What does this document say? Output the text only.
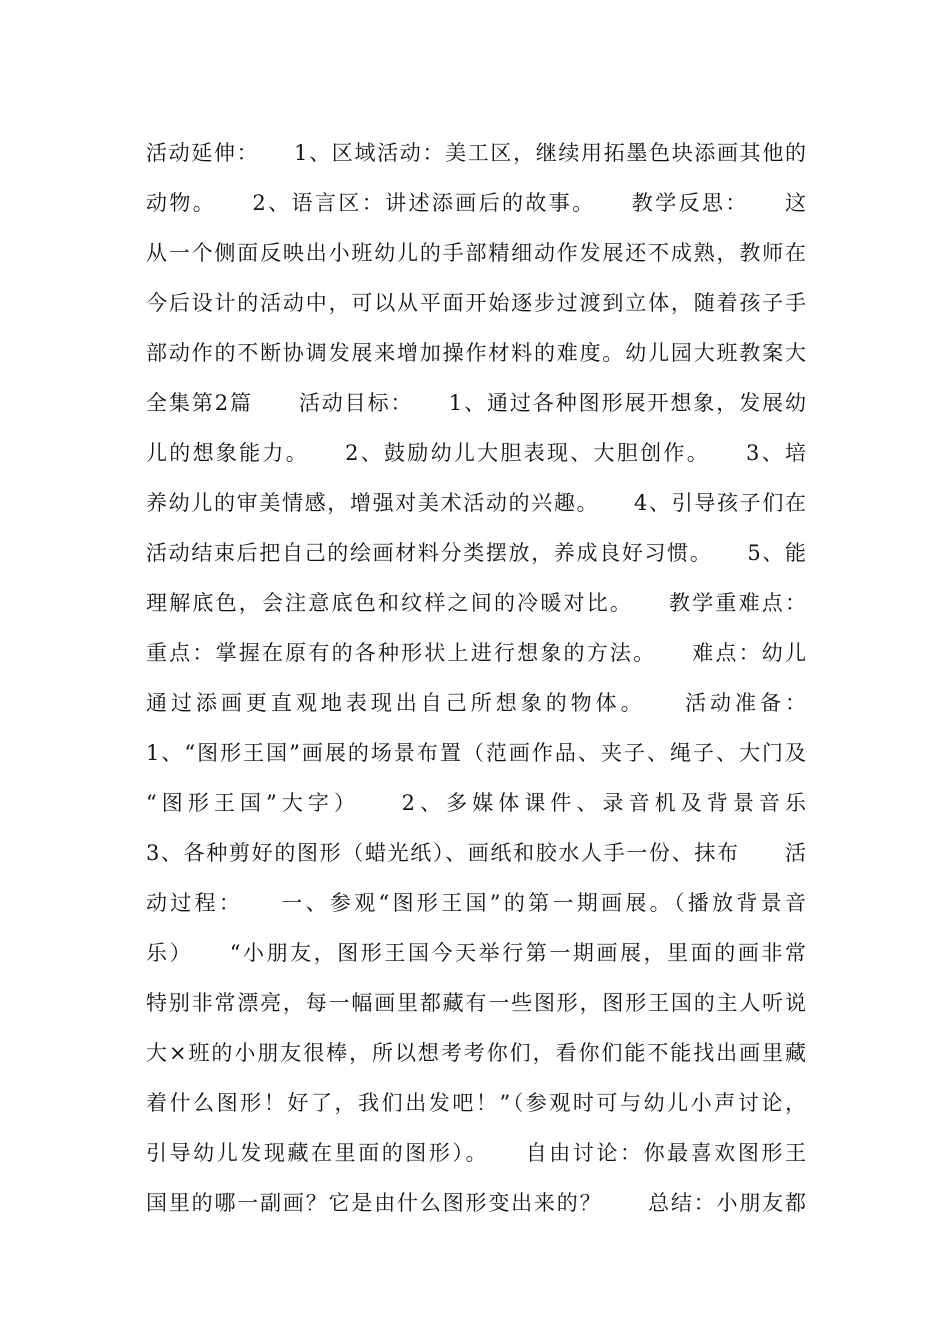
活动延伸：　　1、区域活动：美工区，继续用拓墨色块添画其他的
动物。　　2、语言区：讲述添画后的故事。　　教学反思：　　这
从一个侧面反映出小班幼儿的手部精细动作发展还不成熟，教师在
今后设计的活动中，可以从平面开始逐步过渡到立体，随着孩子手
部动作的不断协调发展来增加操作材料的难度。幼儿园大班教案大
全集第2篇　　活动目标：　　1、通过各种图形展开想象，发展幼
儿的想象能力。　　2、鼓励幼儿大胆表现、大胆创作。　　3、培
养幼儿的审美情感，增强对美术活动的兴趣。　　4、引导孩子们在
活动结束后把自己的绘画材料分类摆放，养成良好习惯。　　5、能
理解底色，会注意底色和纹样之间的冷暖对比。　　教学重难点：
重点：掌握在原有的各种形状上进行想象的方法。　　难点：幼儿
通过添画更直观地表现出自己所想象的物体。　　活动准备：
1、“图形王国”画展的场景布置（范画作品、夹子、绳子、大门及
“图形王国”大字）　　2、多媒体课件、录音机及背景音乐
3、各种剪好的图形（蜡光纸）、画纸和胶水人手一份、抹布　　活
动过程：　　一、参观“图形王国”的第一期画展。（播放背景音
乐）　　“小朋友，图形王国今天举行第一期画展，里面的画非常
特别非常漂亮，每一幅画里都藏有一些图形，图形王国的主人听说
大×班的小朋友很棒，所以想考考你们，看你们能不能找出画里藏
着什么图形！好了，我们出发吧！”（参观时可与幼儿小声讨论，
引导幼儿发现藏在里面的图形）。　　自由讨论：你最喜欢图形王
国里的哪一副画？它是由什么图形变出来的？　　总结：小朋友都
